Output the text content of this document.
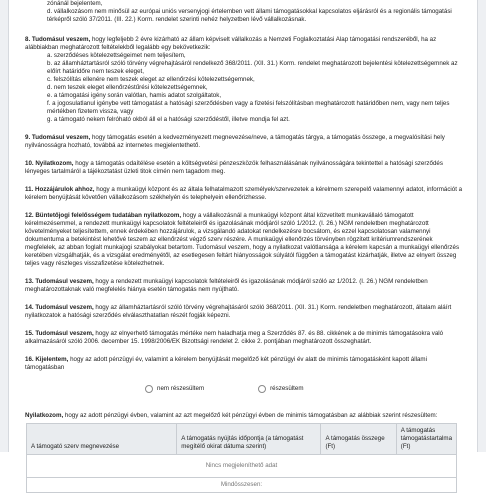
zónánál bejelentem,
d. vállalkozásom nem minősül az európai uniós versenyjogi értelemben vett állami támogatásokkal kapcsolatos eljárásról és a regionális támogatási térképről szóló 37/2011. (III. 22.) Korm. rendelet szerinti nehéz helyzetben lévő vállalkozásnak.
8. Tudomásul veszem, hogy legfeljebb 2 évre kizárható az állam képviselt vállalkozás a Nemzeti Foglalkoztatási Alap támogatási rendszeréből, ha az alábbiakban meghatározott feltételekből legalább egy bekövetkezik:
a. szerződéses kötelezettségeimet nem teljesítem,
b. az államháztartásról szóló törvény végrehajtásáról rendelkező 368/2011. (XII. 31.) Korm. rendelet meghatározott bejelentési kötelezettségemnek az előírt határidőre nem teszek eleget,
c. felszólítás ellenére nem teszek eleget az ellenőrzési kötelezettségemnek,
d. nem teszek eleget ellenőrzéstűrési kötelezettségemnek,
e. a támogatási igény során valótlan, hamis adatot szolgáltatok,
f. a jogosulatlanul igénybe vett támogatást a hatósági szerződésben vagy a fizetési felszólításban meghatározott határidőben nem, vagy nem teljes mértékben fizetem vissza, vagy
g. a támogató nekem felróható okból áll el a hatósági szerződéstől, illetve mondja fel azt.
9. Tudomásul veszem, hogy támogatás esetén a kedvezményezett megnevezése/neve, a támogatás tárgya, a támogatás összege, a megvalósítási hely nyilvánosságra hozható, továbbá az internetes megjelentethető.
10. Nyilatkozom, hogy a támogatás odaítélése esetén a költségvetési pénzeszközök felhasználásának nyilvánosságára tekintettel a hatósági szerződés lényeges tartalmáról a tájékoztatást üzleti titok címén nem tagadom meg.
11. Hozzájárulok ahhoz, hogy a munkaügyi központ és az általa felhatalmazott személyek/szervezetek a kérelmem szerepelő valamennyi adatot, információt a kérelem benyújtását követően vállalkozásom székhelyén és telephelyein ellenőrizhesse.
12. Büntetőjogi felelősségem tudatában nyilatkozom, hogy a vállalkozásnál a munkaügyi központ által közvetített munkavállaló támogatott kérelmezésemmel, a rendezett munkaügyi kapcsolatok feltételeiről és igazolásának módjáról szóló 1/2012. (I. 26.) NGM rendeletben meghatározott követelményeket teljesítettem, ennek érdekében hozzájárulok, a vizsgálandó adatokat rendelkezésre bocsátom, és ezzel kapcsolatosan valamennyi dokumentuma a betekintést lehetővé teszem az ellenőrzést végző szerv részére. A munkaügyi ellenőrzés törvényben rögzített kritériumrendszerének megfelelek, az abban foglalt munkajogi szabályokat betartom. Tudomásul veszem, hogy a nyilatkozat valótlansága a kérelem kapcsán a munkaügyi ellenőrzés keretében vizsgálhatják, és a vizsgálat eredményétől, az esetlegesen feltárt hiányosságok súlyától függően a támogatást kizárhatják, illetve az elnyert összeg teljes vagy részleges visszafizetése kötelezhetnek.
13. Tudomásul veszem, hogy a rendezett munkaügyi kapcsolatok feltételeiről és igazolásának módjáról szóló az 1/2012. (I. 26.) NGM rendeletben meghatározottaknak való megfelelés hiánya esetén támogatás nem nyújtható.
14. Tudomásul veszem, hogy az államháztartásról szóló törvény végrehajtásáról szóló 368/2011. (XII. 31.) Korm. rendeletben meghatározott, általam aláírt nyilatkozatok a hatósági szerződés elválaszthatatlan részét fogják képezni.
15. Tudomásul veszem, hogy az elnyerhető támogatás mértéke nem haladhatja meg a Szerződés 87. és 88. cikkének a de minimis támogatásokra való alkalmazásáról szóló 2006. december 15. 1998/2006/EK Bizottsági rendelet 2. cikke 2. pontjában meghatározott összeghatárt.
16. Kijelentem, hogy az adott pénzügyi év, valamint a kérelem benyújtását megelőző két pénzügyi év alatt de minimis támogatásként kapott állami támogatásban
nem részesültem	részesültem
Nyilatkozom, hogy az adott pénzügyi évben, valamint az azt megelőző két pénzügyi évben de minimis támogatásban az alábbiak szerint részesültem:
A támogató szerv megnevezése	A támogatás nyújtás időpontja (a támogatást megítélő okirat dátuma szerint)	A támogatás összege (Ft)	A támogatás támogatástartalma (Ft)
Nincs megjeleníthető adat
Mindösszesen:
